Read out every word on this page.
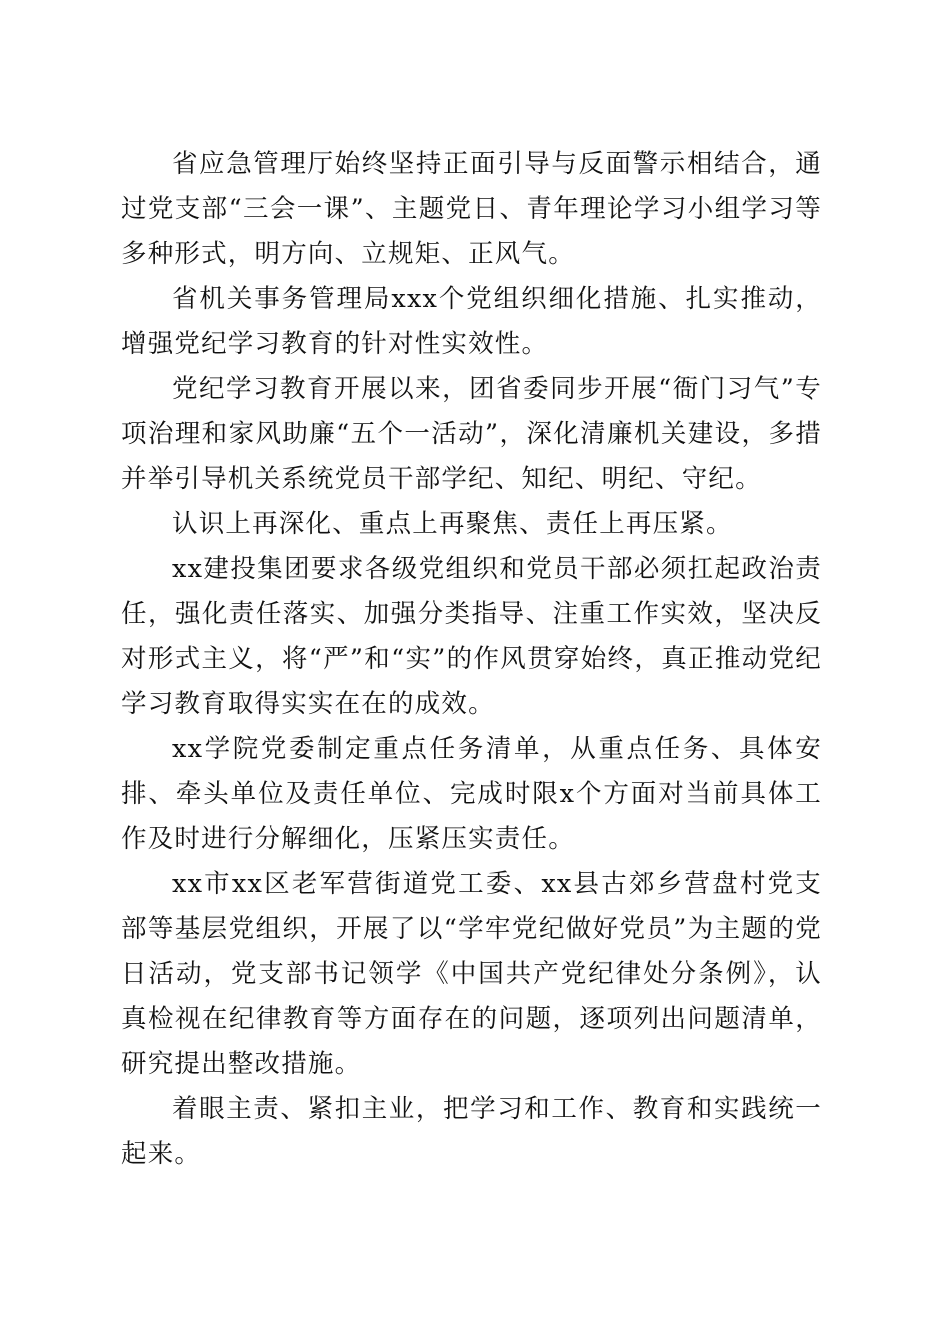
省应急管理厅始终坚持正面引导与反面警示相结合，通过党支部“三会一课”、主题党日、青年理论学习小组学习等多种形式，明方向、立规矩、正风气。

省机关事务管理局xxx个党组织细化措施、扎实推动，增强党纪学习教育的针对性实效性。

党纪学习教育开展以来，团省委同步开展“衙门习气”专项治理和家风助廉“五个一活动”，深化清廉机关建设，多措并举引导机关系统党员干部学纪、知纪、明纪、守纪。

认识上再深化、重点上再聚焦、责任上再压紧。

xx建投集团要求各级党组织和党员干部必须扛起政治责任，强化责任落实、加强分类指导、注重工作实效，坚决反对形式主义，将“严”和“实”的作风贯穿始终，真正推动党纪学习教育取得实实在在的成效。

xx学院党委制定重点任务清单，从重点任务、具体安排、牵头单位及责任单位、完成时限x个方面对当前具体工作及时进行分解细化，压紧压实责任。

xx市xx区老军营街道党工委、xx县古郊乡营盘村党支部等基层党组织，开展了以“学牢党纪做好党员”为主题的党日活动，党支部书记领学《中国共产党纪律处分条例》，认真检视在纪律教育等方面存在的问题，逐项列出问题清单，研究提出整改措施。

着眼主责、紧扣主业，把学习和工作、教育和实践统一起来。
